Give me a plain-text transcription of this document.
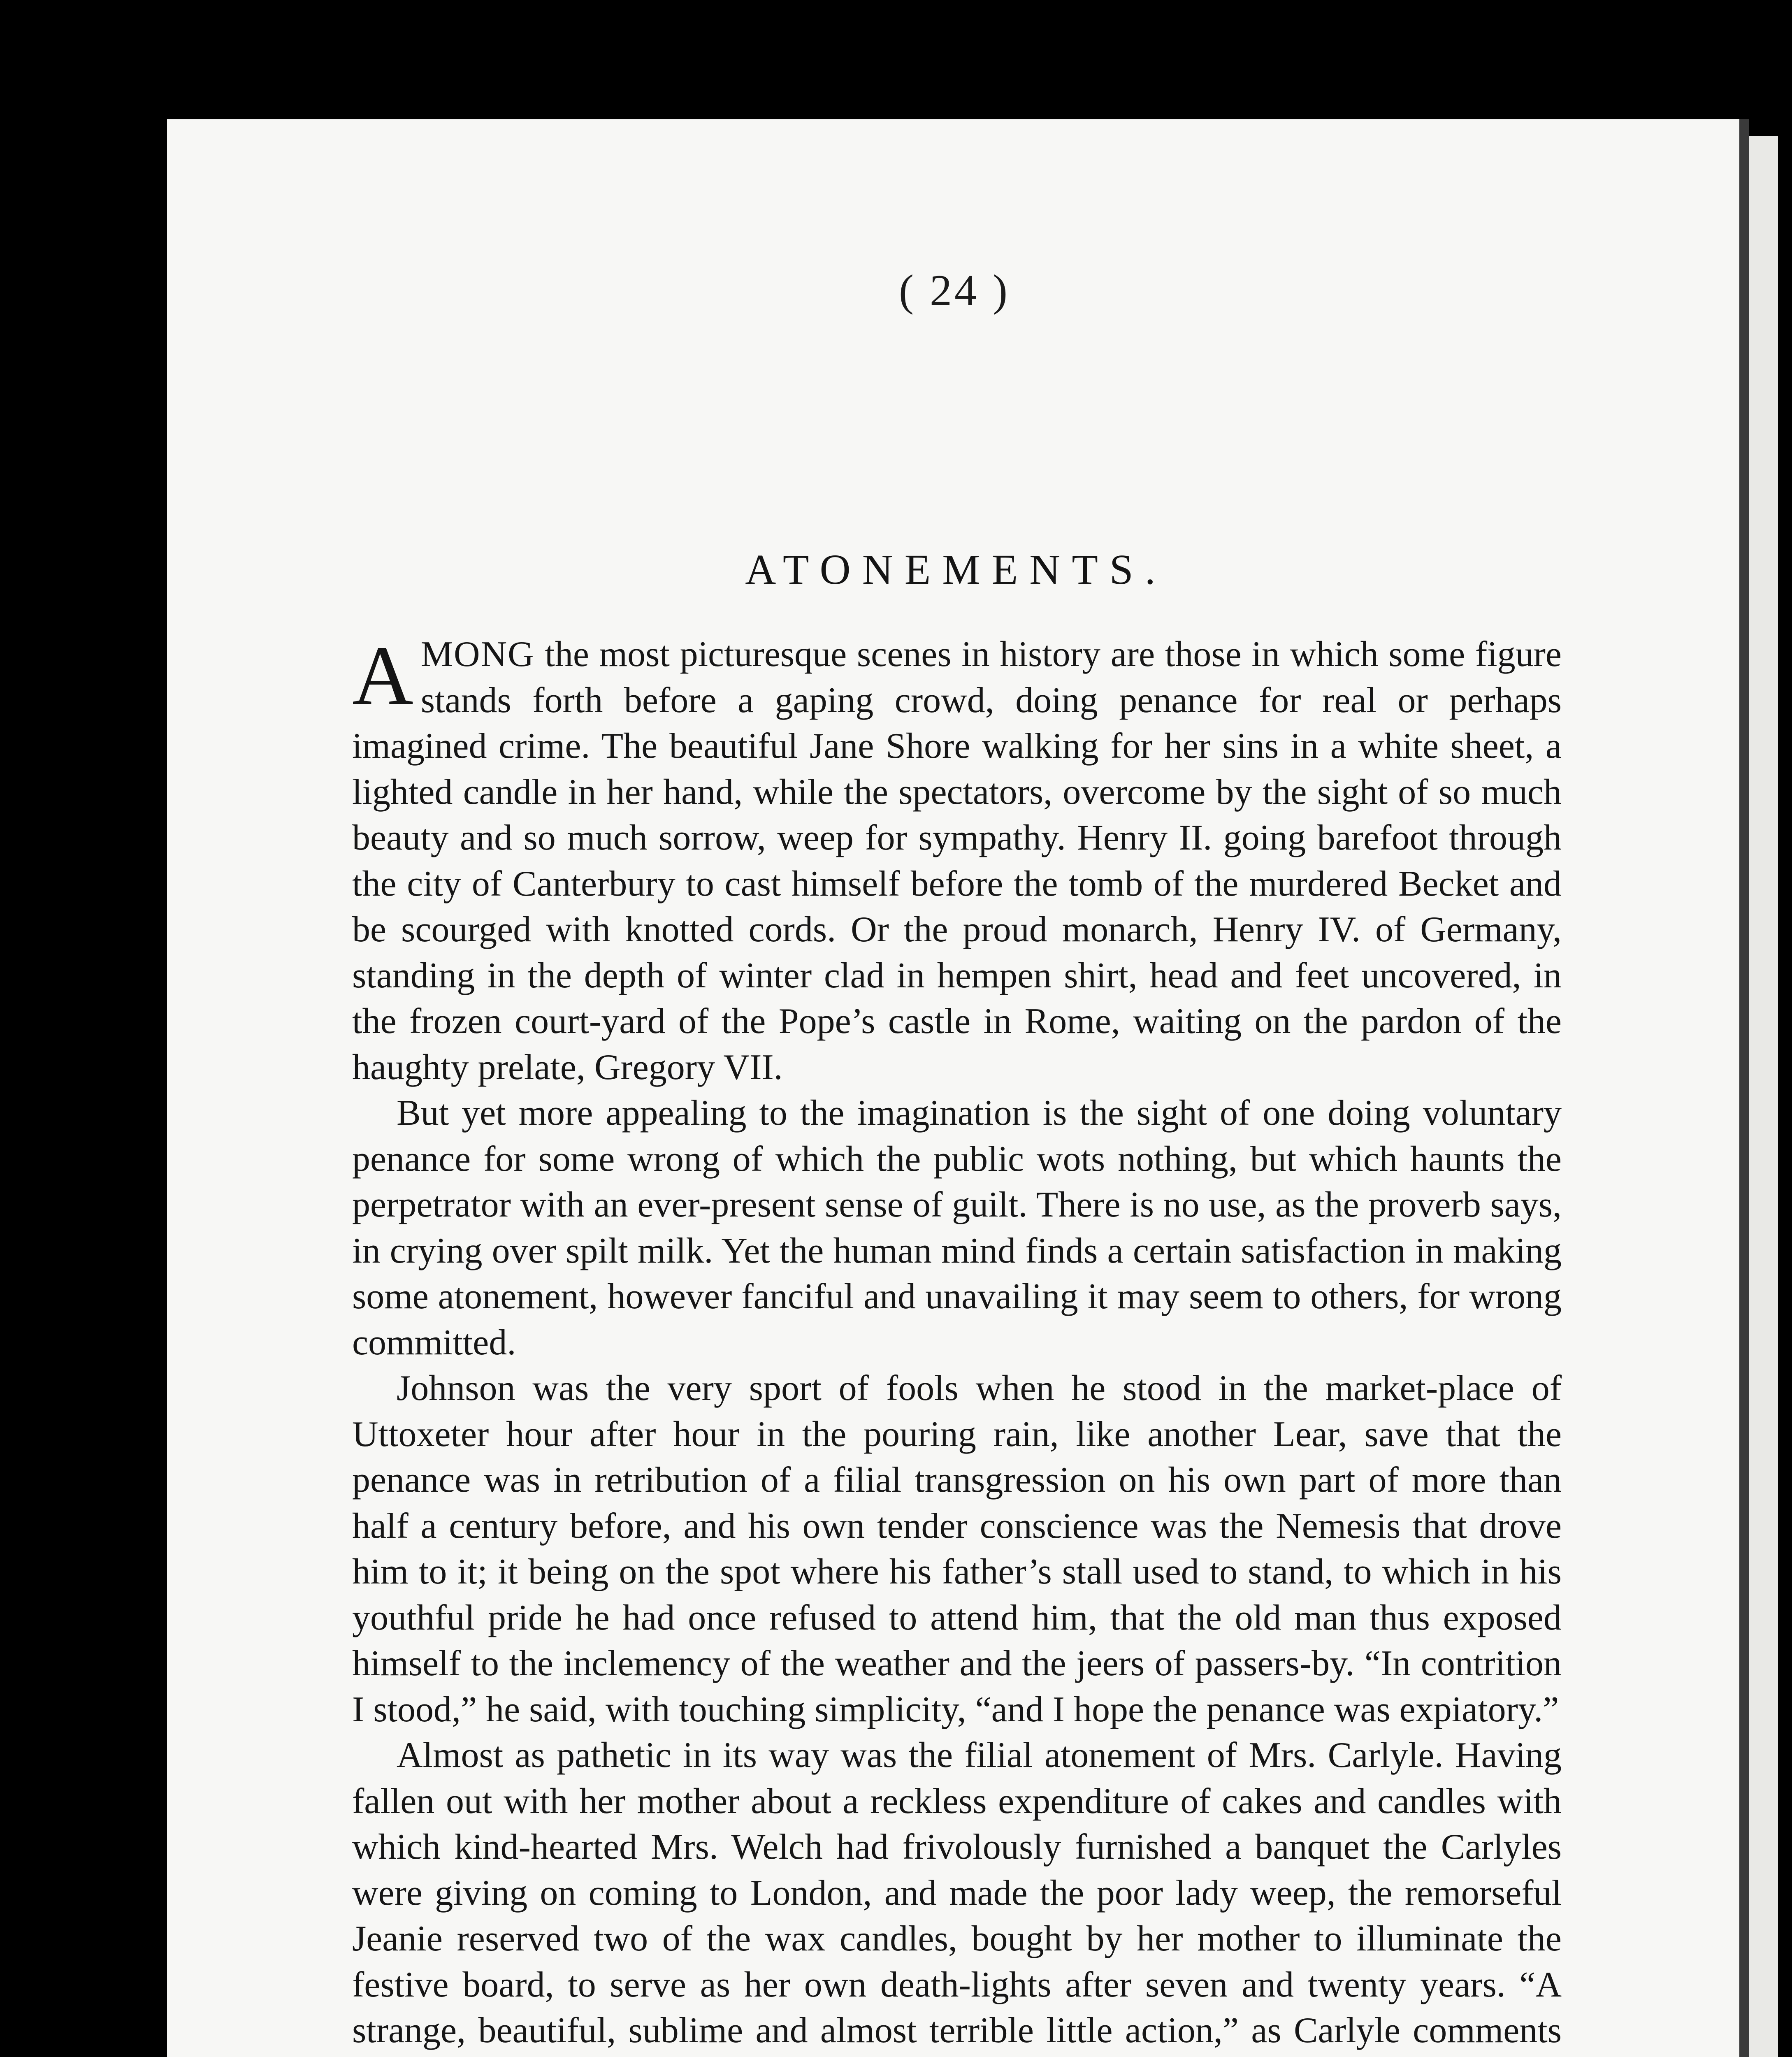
( 24 )
ATONEMENTS.

AMONG the most picturesque scenes in history are those in which some figure stands forth before a gaping crowd, doing penance for real or perhaps imagined crime. The beautiful Jane Shore walking for her sins in a white sheet, a lighted candle in her hand, while the spectators, overcome by the sight of so much beauty and so much sorrow, weep for sympathy. Henry II. going barefoot through the city of Canterbury to cast himself before the tomb of the murdered Becket and be scourged with knotted cords. Or the proud monarch, Henry IV. of Germany, standing in the depth of winter clad in hempen shirt, head and feet uncovered, in the frozen court-yard of the Pope’s castle in Rome, waiting on the pardon of the haughty prelate, Gregory VII.

But yet more appealing to the imagination is the sight of one doing voluntary penance for some wrong of which the public wots nothing, but which haunts the perpetrator with an ever-present sense of guilt. There is no use, as the proverb says, in crying over spilt milk. Yet the human mind finds a certain satisfaction in making some atonement, however fanciful and unavailing it may seem to others, for wrong committed.

Johnson was the very sport of fools when he stood in the market-place of Uttoxeter hour after hour in the pouring rain, like another Lear, save that the penance was in retribution of a filial transgression on his own part of more than half a century before, and his own tender conscience was the Nemesis that drove him to it; it being on the spot where his father’s stall used to stand, to which in his youthful pride he had once refused to attend him, that the old man thus exposed himself to the inclemency of the weather and the jeers of passers-by. “In contrition I stood,” he said, with touching simplicity, “and I hope the penance was expiatory.”

Almost as pathetic in its way was the filial atonement of Mrs. Carlyle. Having fallen out with her mother about a reckless expenditure of cakes and candles with which kind-hearted Mrs. Welch had frivolously furnished a banquet the Carlyles were giving on coming to London, and made the poor lady weep, the remorseful Jeanie reserved two of the wax candles, bought by her mother to illuminate the festive board, to serve as her own death-lights after seven and twenty years. “A strange, beautiful, sublime and almost terrible little action,” as Carlyle comments
